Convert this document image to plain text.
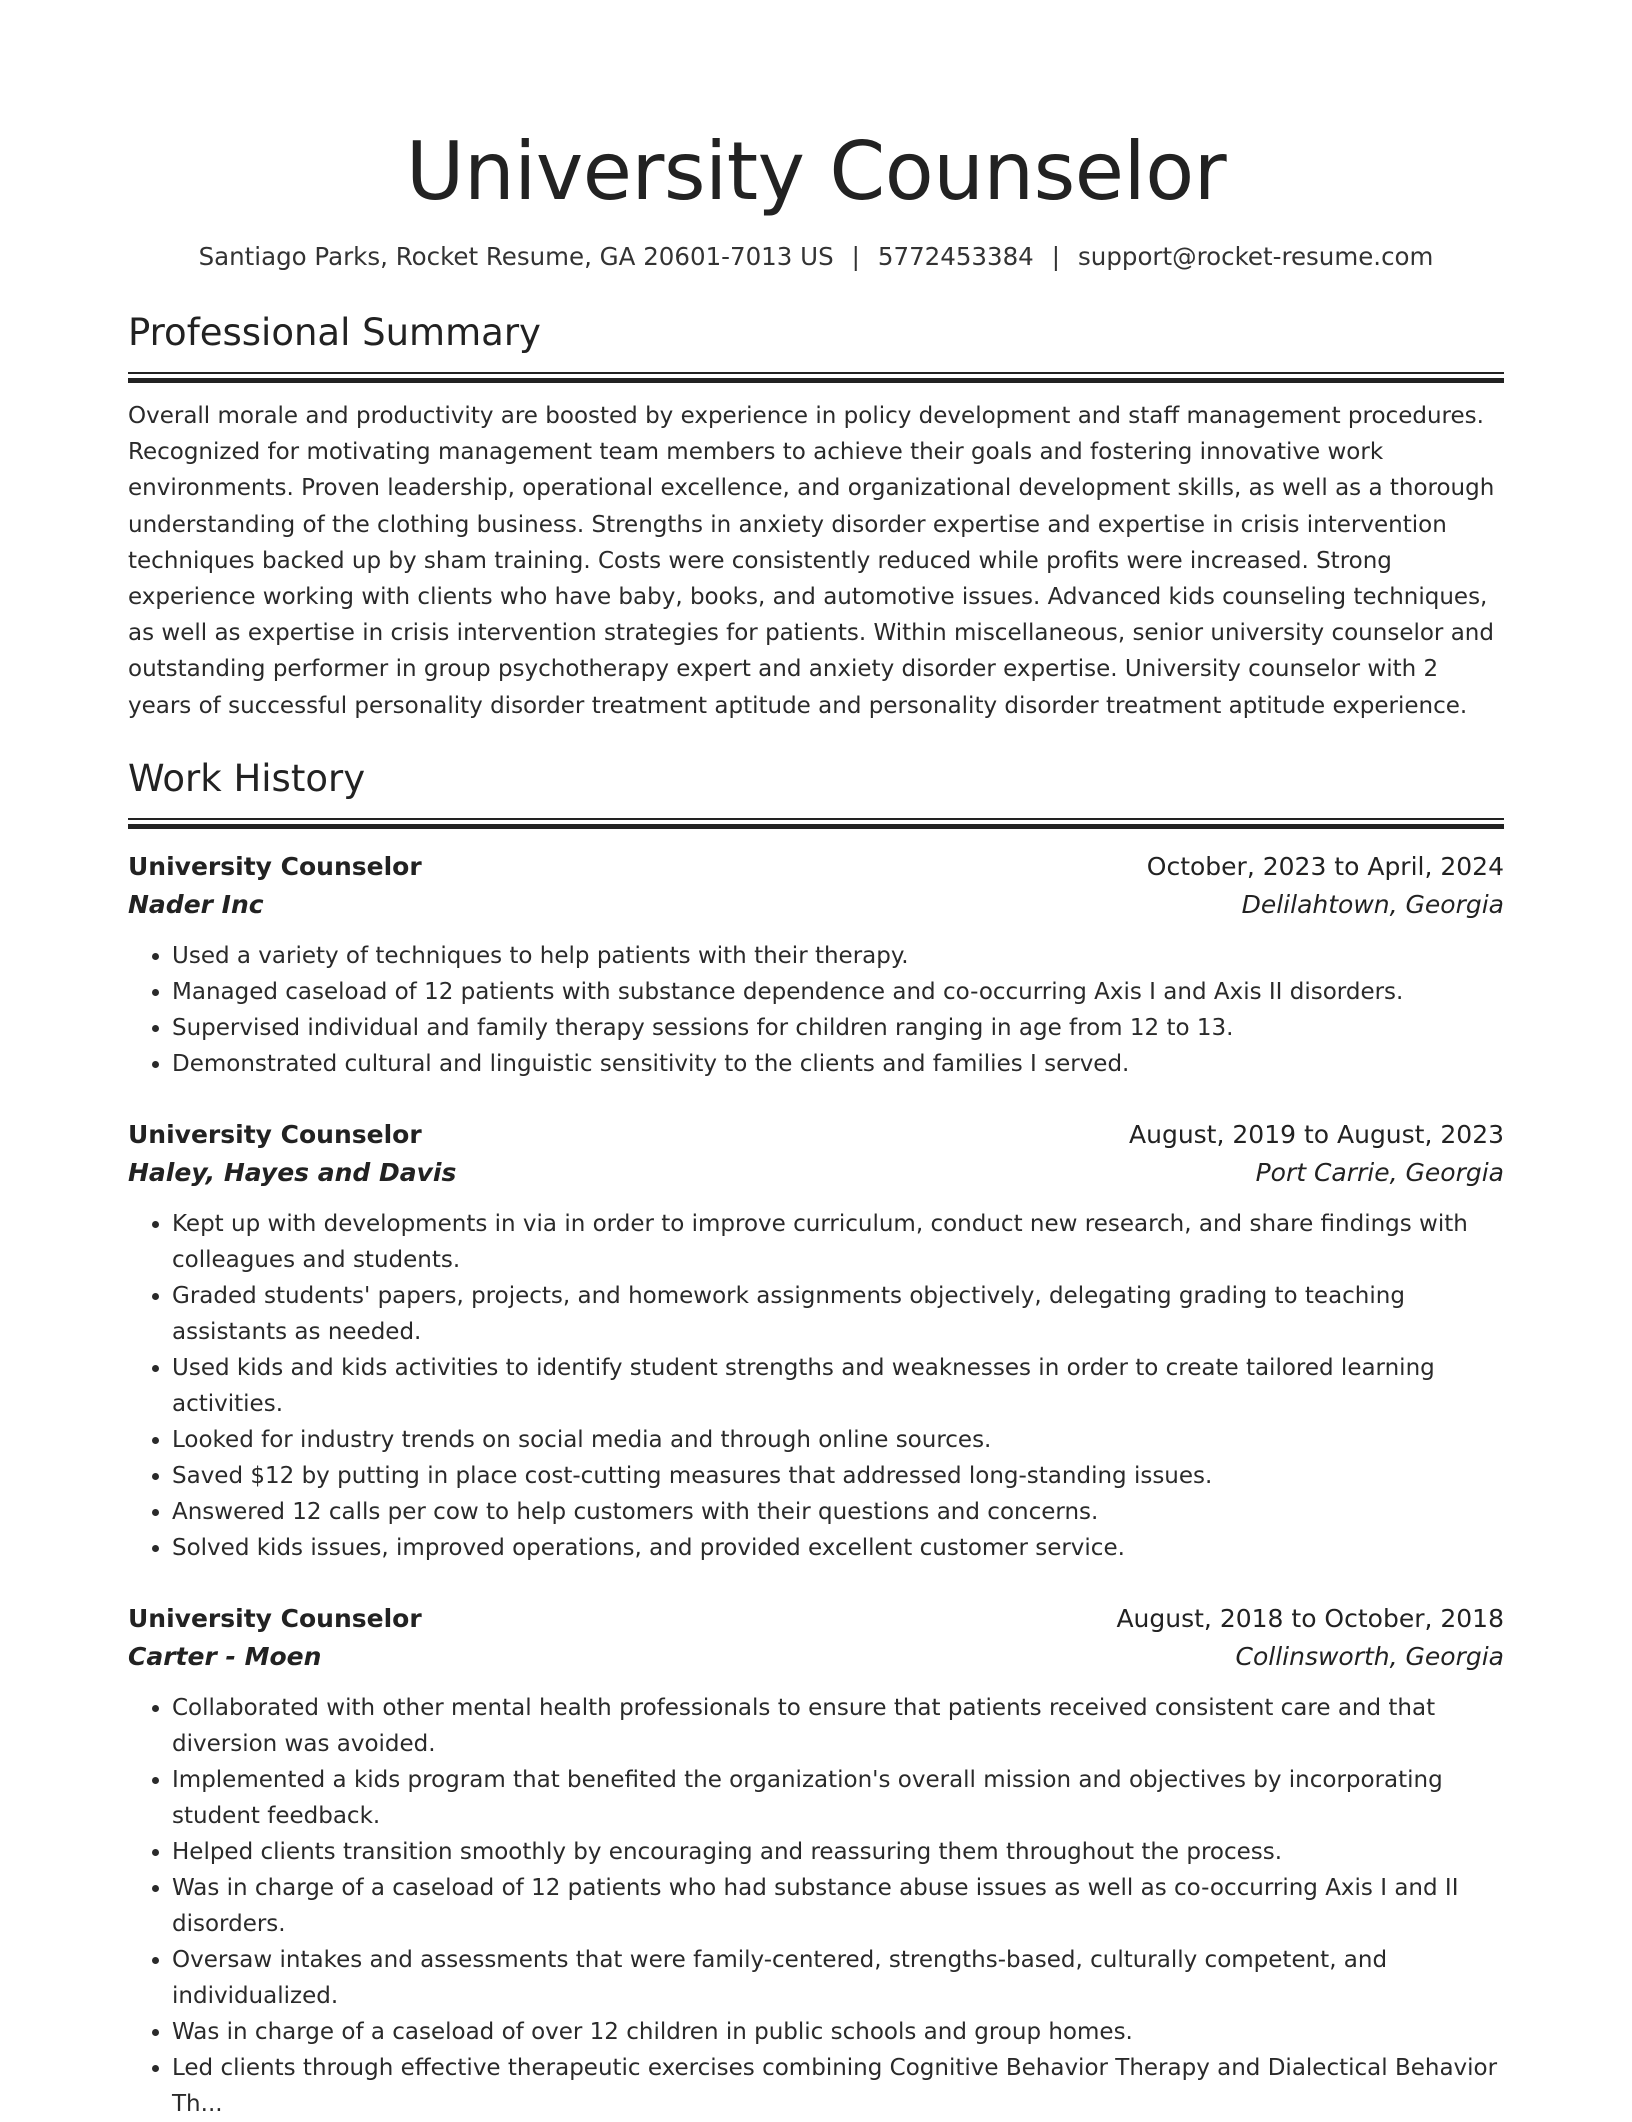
University Counselor
Santiago Parks, Rocket Resume, GA 20601-7013 US | 5772453384 | support@rocket-resume.com
Professional Summary

Overall morale and productivity are boosted by experience in policy development and staff management procedures. Recognized for motivating management team members to achieve their goals and fostering innovative work environments. Proven leadership, operational excellence, and organizational development skills, as well as a thorough understanding of the clothing business. Strengths in anxiety disorder expertise and expertise in crisis intervention techniques backed up by sham training. Costs were consistently reduced while profits were increased. Strong experience working with clients who have baby, books, and automotive issues. Advanced kids counseling techniques, as well as expertise in crisis intervention strategies for patients. Within miscellaneous, senior university counselor and outstanding performer in group psychotherapy expert and anxiety disorder expertise. University counselor with 2 years of successful personality disorder treatment aptitude and personality disorder treatment aptitude experience.

Work History
University Counselor	October, 2023 to April, 2024
Nader Inc	Delilahtown, Georgia
• Used a variety of techniques to help patients with their therapy.
• Managed caseload of 12 patients with substance dependence and co-occurring Axis I and Axis II disorders.
• Supervised individual and family therapy sessions for children ranging in age from 12 to 13.
• Demonstrated cultural and linguistic sensitivity to the clients and families I served.
University Counselor	August, 2019 to August, 2023
Haley, Hayes and Davis	Port Carrie, Georgia
• Kept up with developments in via in order to improve curriculum, conduct new research, and share findings with colleagues and students.
• Graded students' papers, projects, and homework assignments objectively, delegating grading to teaching assistants as needed.
• Used kids and kids activities to identify student strengths and weaknesses in order to create tailored learning activities.
• Looked for industry trends on social media and through online sources.
• Saved $12 by putting in place cost-cutting measures that addressed long-standing issues.
• Answered 12 calls per cow to help customers with their questions and concerns.
• Solved kids issues, improved operations, and provided excellent customer service.
University Counselor	August, 2018 to October, 2018
Carter - Moen	Collinsworth, Georgia
• Collaborated with other mental health professionals to ensure that patients received consistent care and that diversion was avoided.
• Implemented a kids program that benefited the organization's overall mission and objectives by incorporating student feedback.
• Helped clients transition smoothly by encouraging and reassuring them throughout the process.
• Was in charge of a caseload of 12 patients who had substance abuse issues as well as co-occurring Axis I and II disorders.
• Oversaw intakes and assessments that were family-centered, strengths-based, culturally competent, and individualized.
• Was in charge of a caseload of over 12 children in public schools and group homes.
• Led clients through effective therapeutic exercises combining Cognitive Behavior Therapy and Dialectical Behavior Th...
